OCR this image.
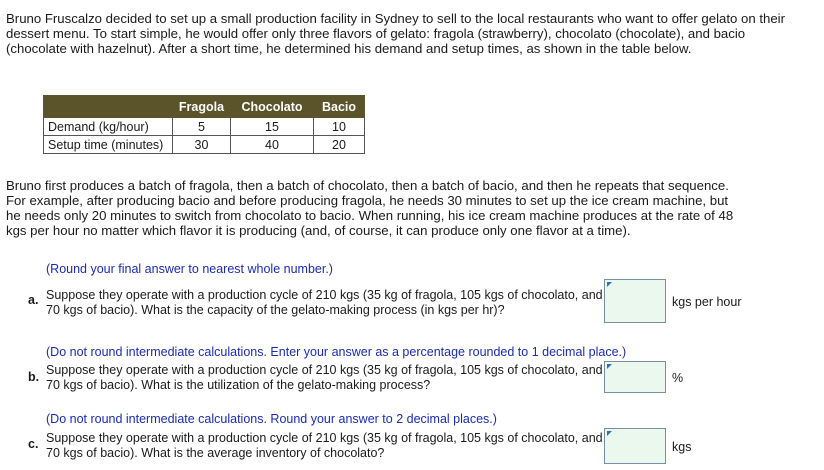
Bruno Fruscalzo decided to set up a small production facility in Sydney to sell to the local restaurants who want to offer gelato on their dessert menu. To start simple, he would offer only three flavors of gelato: fragola (strawberry), chocolato (chocolate), and bacio (chocolate with hazelnut). After a short time, he determined his demand and setup times, as shown in the table below.

	Fragola	Chocolato	Bacio
Demand (kg/hour)	5	15	10
Setup time (minutes)	30	40	20

Bruno first produces a batch of fragola, then a batch of chocolato, then a batch of bacio, and then he repeats that sequence. For example, after producing bacio and before producing fragola, he needs 30 minutes to set up the ice cream machine, but he needs only 20 minutes to switch from chocolato to bacio. When running, his ice cream machine produces at the rate of 48 kgs per hour no matter which flavor it is producing (and, of course, it can produce only one flavor at a time).

(Round your final answer to nearest whole number.)

a. Suppose they operate with a production cycle of 210 kgs (35 kg of fragola, 105 kgs of chocolato, and 70 kgs of bacio). What is the capacity of the gelato-making process (in kgs per hr)?

kgs per hour

(Do not round intermediate calculations. Enter your answer as a percentage rounded to 1 decimal place.)

b. Suppose they operate with a production cycle of 210 kgs (35 kg of fragola, 105 kgs of chocolato, and 70 kgs of bacio). What is the utilization of the gelato-making process?	%

(Do not round intermediate calculations. Round your answer to 2 decimal places.)

c. Suppose they operate with a production cycle of 210 kgs (35 kg of fragola, 105 kgs of chocolato, and 70 kgs of bacio). What is the average inventory of chocolato?	kgs
